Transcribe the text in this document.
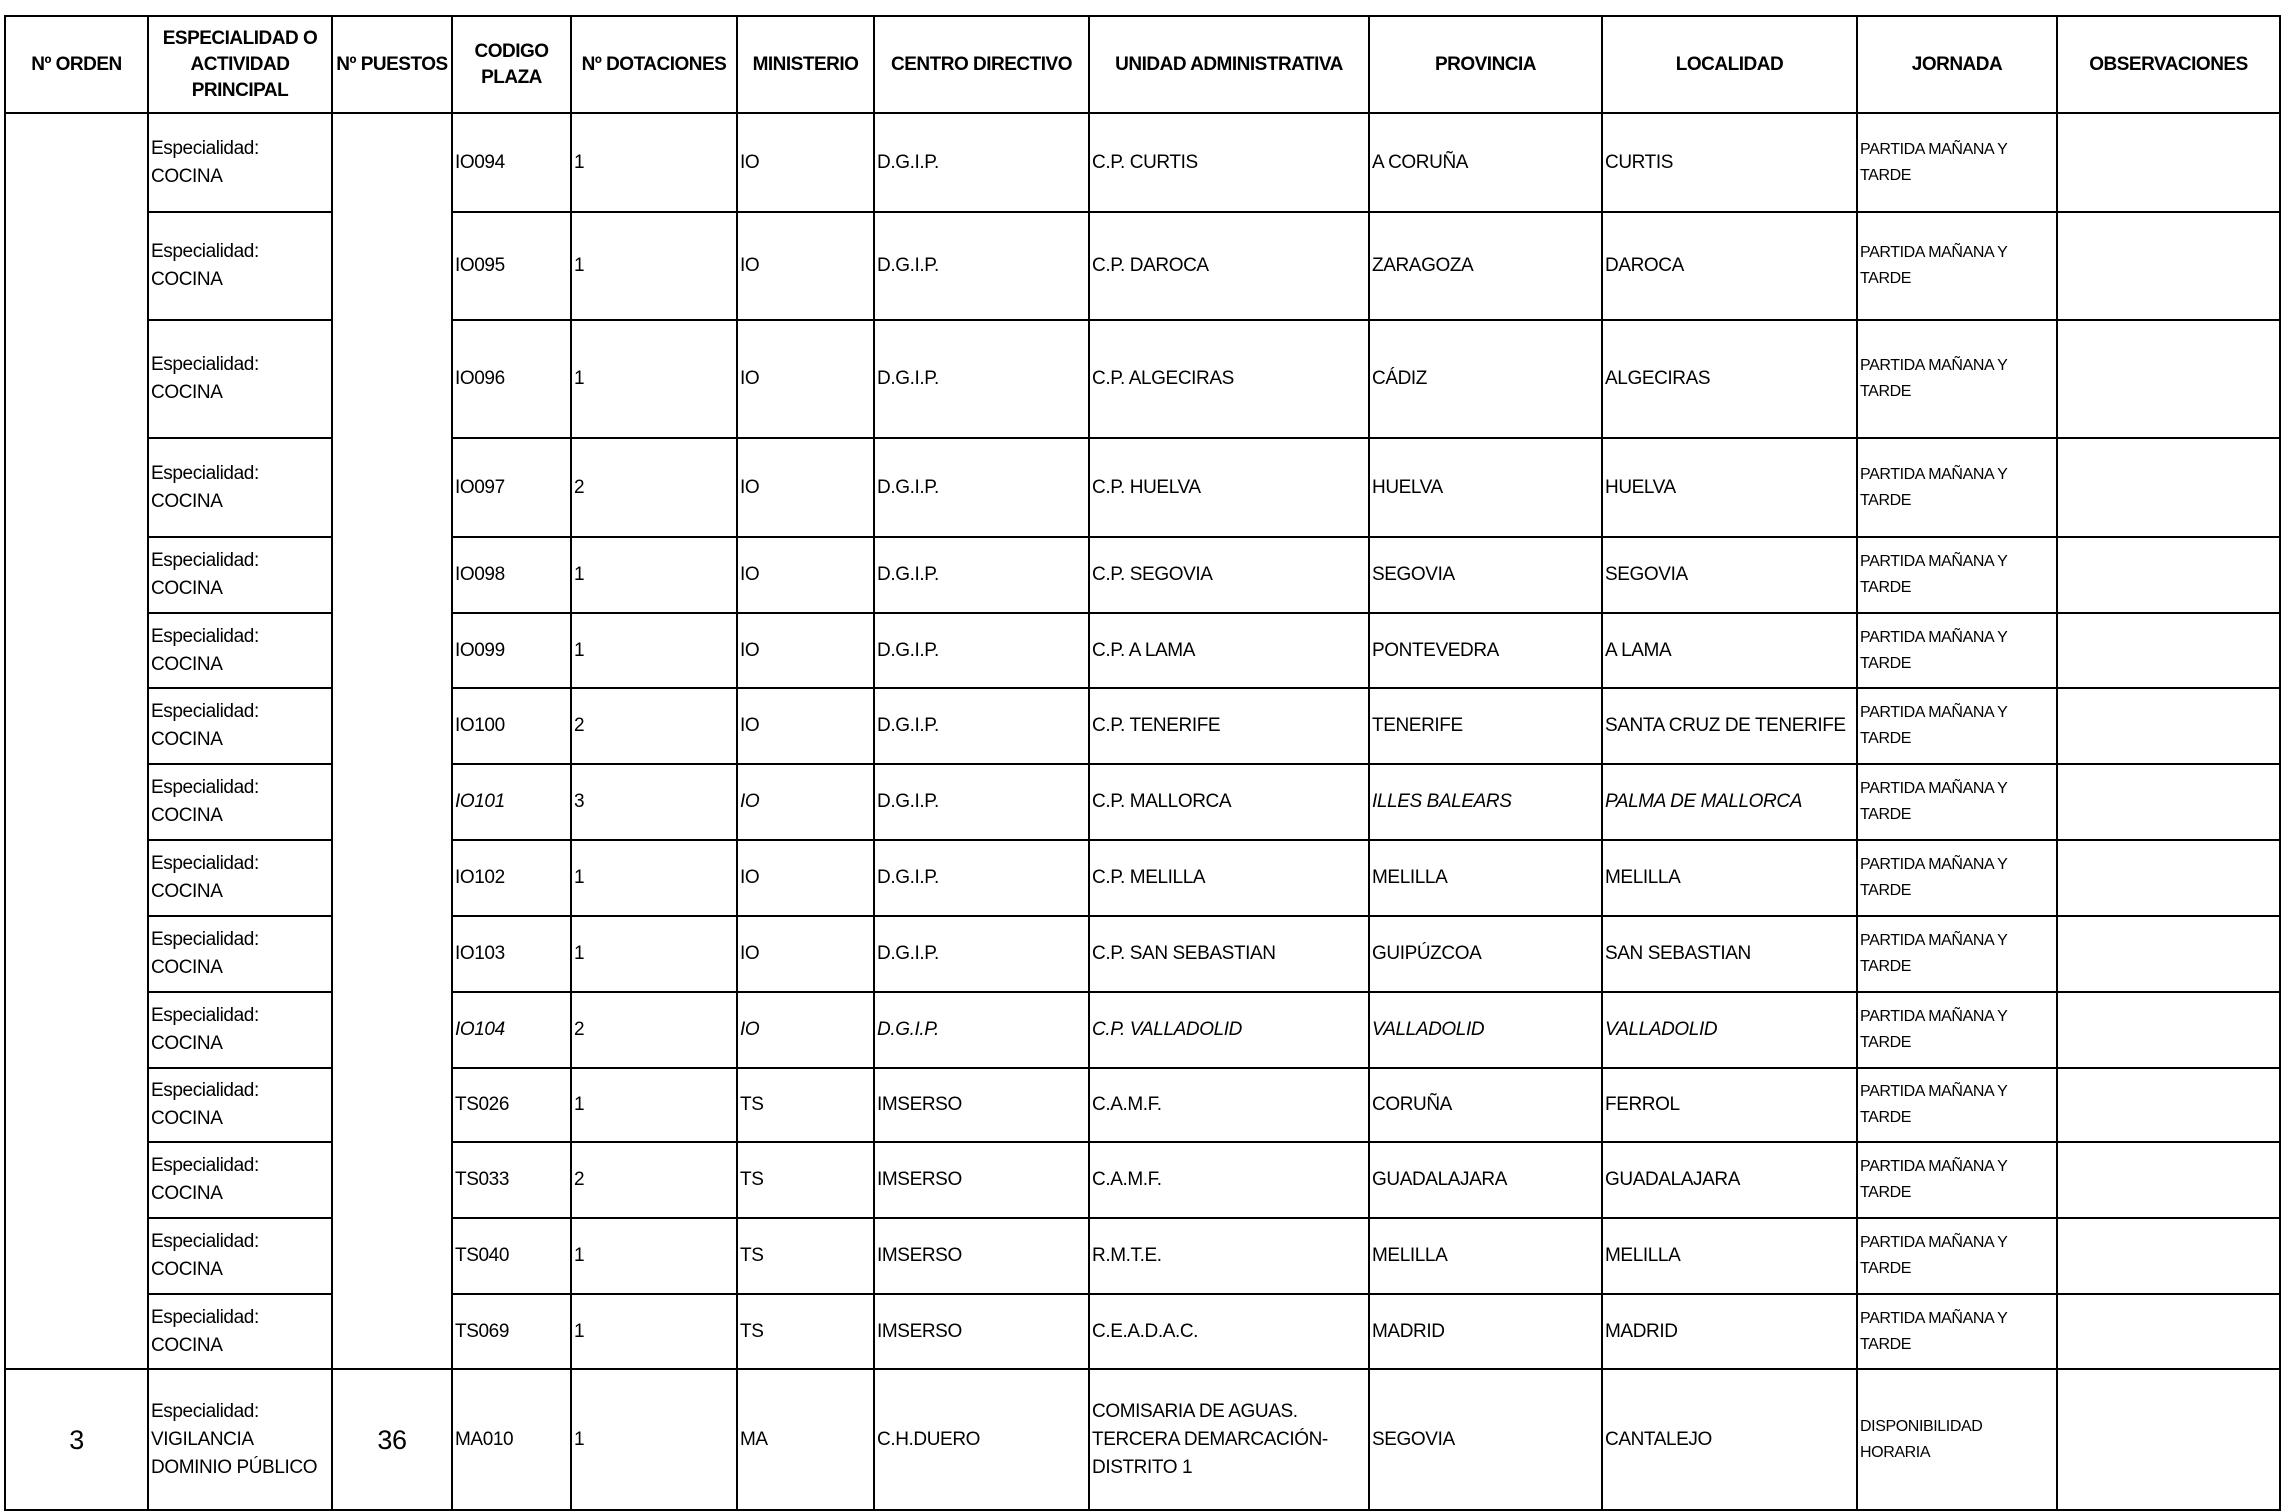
Nº ORDEN	ESPECIALIDAD O ACTIVIDAD PRINCIPAL	Nº PUESTOS	CODIGO PLAZA	Nº DOTACIONES	MINISTERIO	CENTRO DIRECTIVO	UNIDAD ADMINISTRATIVA	PROVINCIA	LOCALIDAD	JORNADA	OBSERVACIONES
	Especialidad: COCINA		IO094	1	IO	D.G.I.P.	C.P. CURTIS	A CORUÑA	CURTIS	PARTIDA MAÑANA Y TARDE	
	Especialidad: COCINA		IO095	1	IO	D.G.I.P.	C.P. DAROCA	ZARAGOZA	DAROCA	PARTIDA MAÑANA Y TARDE	
	Especialidad: COCINA		IO096	1	IO	D.G.I.P.	C.P. ALGECIRAS	CÁDIZ	ALGECIRAS	PARTIDA MAÑANA Y TARDE	
	Especialidad: COCINA		IO097	2	IO	D.G.I.P.	C.P. HUELVA	HUELVA	HUELVA	PARTIDA MAÑANA Y TARDE	
	Especialidad: COCINA		IO098	1	IO	D.G.I.P.	C.P. SEGOVIA	SEGOVIA	SEGOVIA	PARTIDA MAÑANA Y TARDE	
	Especialidad: COCINA		IO099	1	IO	D.G.I.P.	C.P. A LAMA	PONTEVEDRA	A LAMA	PARTIDA MAÑANA Y TARDE	
	Especialidad: COCINA		IO100	2	IO	D.G.I.P.	C.P. TENERIFE	TENERIFE	SANTA CRUZ DE TENERIFE	PARTIDA MAÑANA Y TARDE	
	Especialidad: COCINA		IO101	3	IO	D.G.I.P.	C.P. MALLORCA	ILLES BALEARS	PALMA DE MALLORCA	PARTIDA MAÑANA Y TARDE	
	Especialidad: COCINA		IO102	1	IO	D.G.I.P.	C.P. MELILLA	MELILLA	MELILLA	PARTIDA MAÑANA Y TARDE	
	Especialidad: COCINA		IO103	1	IO	D.G.I.P.	C.P. SAN SEBASTIAN	GUIPÚZCOA	SAN SEBASTIAN	PARTIDA MAÑANA Y TARDE	
	Especialidad: COCINA		IO104	2	IO	D.G.I.P.	C.P. VALLADOLID	VALLADOLID	VALLADOLID	PARTIDA MAÑANA Y TARDE	
	Especialidad: COCINA		TS026	1	TS	IMSERSO	C.A.M.F.	CORUÑA	FERROL	PARTIDA MAÑANA Y TARDE	
	Especialidad: COCINA		TS033	2	TS	IMSERSO	C.A.M.F.	GUADALAJARA	GUADALAJARA	PARTIDA MAÑANA Y TARDE	
	Especialidad: COCINA		TS040	1	TS	IMSERSO	R.M.T.E.	MELILLA	MELILLA	PARTIDA MAÑANA Y TARDE	
	Especialidad: COCINA		TS069	1	TS	IMSERSO	C.E.A.D.A.C.	MADRID	MADRID	PARTIDA MAÑANA Y TARDE	
3	Especialidad: VIGILANCIA DOMINIO PÚBLICO	36	MA010	1	MA	C.H.DUERO	COMISARIA DE AGUAS. TERCERA DEMARCACIÓN-DISTRITO 1	SEGOVIA	CANTALEJO	DISPONIBILIDAD HORARIA	
